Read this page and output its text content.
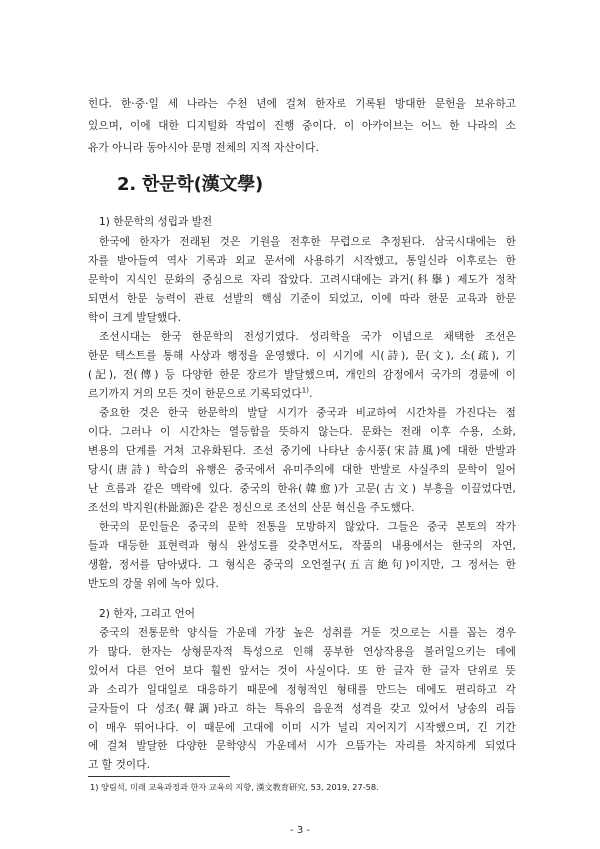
힌다. 한·중·일 세 나라는 수천 년에 걸쳐 한자로 기록된 방대한 문헌을 보유하고
있으며, 이에 대한 디지털화 작업이 진행 중이다. 이 아카이브는 어느 한 나라의 소
유가 아니라 동아시아 문명 전체의 지적 자산이다.
2. 한문학(漢文學)
1) 한문학의 성립과 발전
한국에 한자가 전래된 것은 기원을 전후한 무렵으로 추정된다. 삼국시대에는 한
자를 받아들여 역사 기록과 외교 문서에 사용하기 시작했고, 통일신라 이후로는 한
문학이 지식인 문화의 중심으로 자리 잡았다. 고려시대에는 과거(科擧) 제도가 정착
되면서 한문 능력이 관료 선발의 핵심 기준이 되었고, 이에 따라 한문 교육과 한문
학이 크게 발달했다.
조선시대는 한국 한문학의 전성기였다. 성리학을 국가 이념으로 채택한 조선은
한문 텍스트를 통해 사상과 행정을 운영했다. 이 시기에 시(詩), 문(文), 소(疏), 기
(記), 전(傳) 등 다양한 한문 장르가 발달했으며, 개인의 감정에서 국가의 경륜에 이
르기까지 거의 모든 것이 한문으로 기록되었다$^{1)}$.
중요한 것은 한국 한문학의 발달 시기가 중국과 비교하여 시간차를 가진다는 점
이다. 그러나 이 시간차는 열등함을 뜻하지 않는다. 문화는 전래 이후 수용, 소화,
변용의 단계를 거쳐 고유화된다. 조선 중기에 나타난 송시풍(宋詩風)에 대한 반발과
당시(唐詩) 학습의 유행은 중국에서 유미주의에 대한 반발로 사실주의 문학이 일어
난 흐름과 같은 맥락에 있다. 중국의 한유(韓愈)가 고문(古文) 부흥을 이끌었다면,
조선의 박지원(朴趾源)은 같은 정신으로 조선의 산문 혁신을 주도했다.
한국의 문인들은 중국의 문학 전통을 모방하지 않았다. 그들은 중국 본토의 작가
들과 대등한 표현력과 형식 완성도를 갖추면서도, 작품의 내용에서는 한국의 자연,
생활, 정서를 담아냈다. 그 형식은 중국의 오언절구(五言絶句)이지만, 그 정서는 한
반도의 강물 위에 녹아 있다.
2) 한자, 그리고 언어
중국의 전통문학 양식들 가운데 가장 높은 성취를 거둔 것으로는 시를 꼽는 경우
가 많다. 한자는 상형문자적 특성으로 인해 풍부한 연상작용을 불러일으키는 데에
있어서 다른 언어 보다 훨씬 앞서는 것이 사실이다. 또 한 글자 한 글자 단위로 뜻
과 소리가 일대일로 대응하기 때문에 정형적인 형태를 만드는 데에도 편리하고 각
글자들이 다 성조(聲調)라고 하는 특유의 음운적 성격을 갖고 있어서 낭송의 리듬
이 매우 뛰어나다. 이 때문에 고대에 이미 시가 널리 지어지기 시작했으며, 긴 기간
에 걸쳐 발달한 다양한 문학양식 가운데서 시가 으뜸가는 자리를 차지하게 되었다
고 할 것이다.
1) 양림석, 미래 교육과정과 한자 교육의 지향, 漢文教育研究, 53, 2019, 27-58.
- 3 -
